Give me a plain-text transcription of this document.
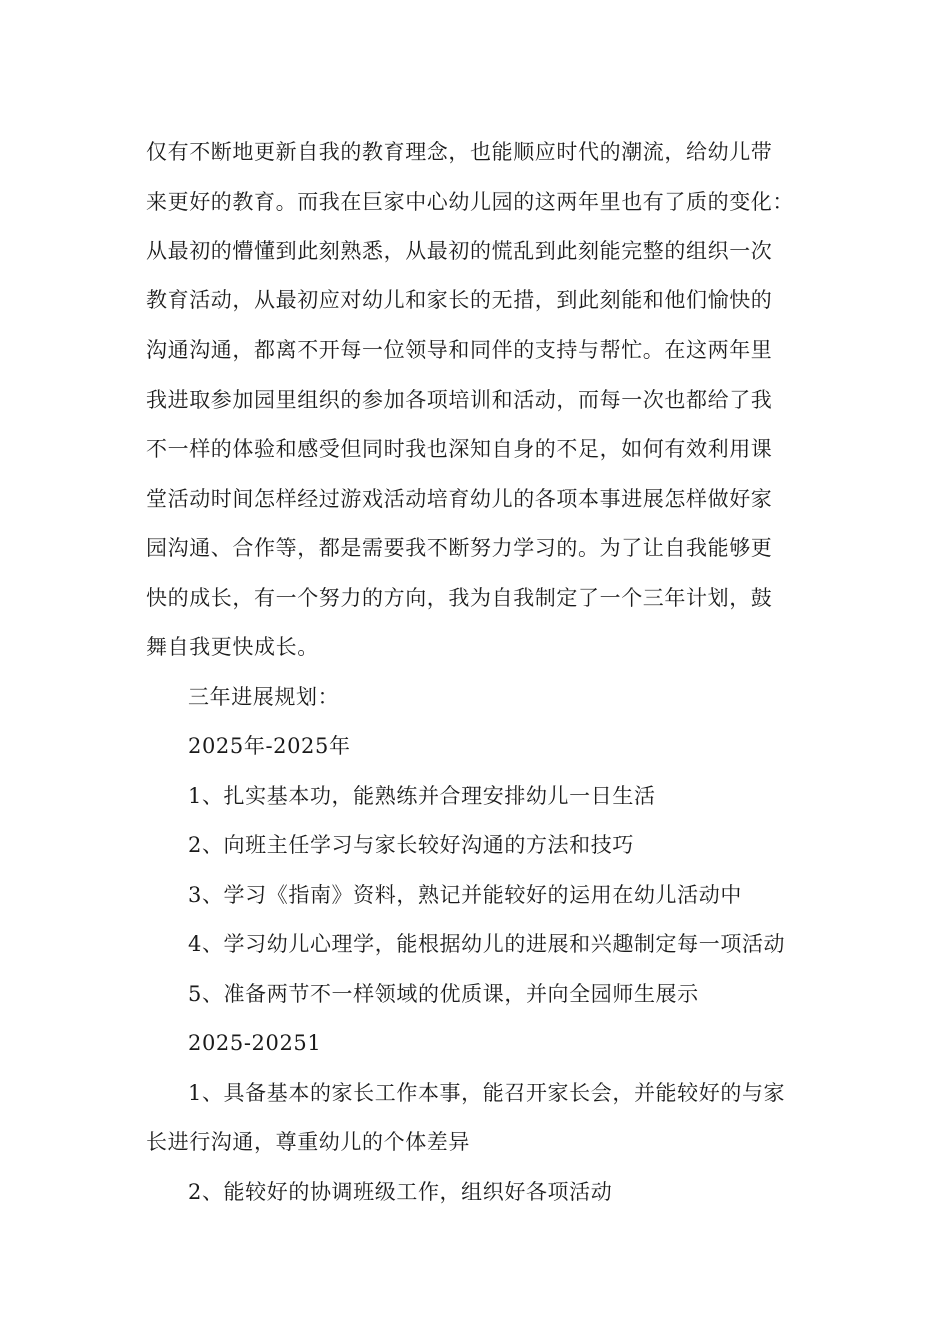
仅有不断地更新自我的教育理念，也能顺应时代的潮流，给幼儿带
来更好的教育。而我在巨家中心幼儿园的这两年里也有了质的变化：
从最初的懵懂到此刻熟悉，从最初的慌乱到此刻能完整的组织一次
教育活动，从最初应对幼儿和家长的无措，到此刻能和他们愉快的
沟通沟通，都离不开每一位领导和同伴的支持与帮忙。在这两年里
我进取参加园里组织的参加各项培训和活动，而每一次也都给了我
不一样的体验和感受但同时我也深知自身的不足，如何有效利用课
堂活动时间怎样经过游戏活动培育幼儿的各项本事进展怎样做好家
园沟通、合作等，都是需要我不断努力学习的。为了让自我能够更
快的成长，有一个努力的方向，我为自我制定了一个三年计划，鼓
舞自我更快成长。
三年进展规划：
2025年-2025年
1、扎实基本功，能熟练并合理安排幼儿一日生活
2、向班主任学习与家长较好沟通的方法和技巧
3、学习《指南》资料，熟记并能较好的运用在幼儿活动中
4、学习幼儿心理学，能根据幼儿的进展和兴趣制定每一项活动
5、准备两节不一样领域的优质课，并向全园师生展示
2025-20251
1、具备基本的家长工作本事，能召开家长会，并能较好的与家
长进行沟通，尊重幼儿的个体差异
2、能较好的协调班级工作，组织好各项活动
